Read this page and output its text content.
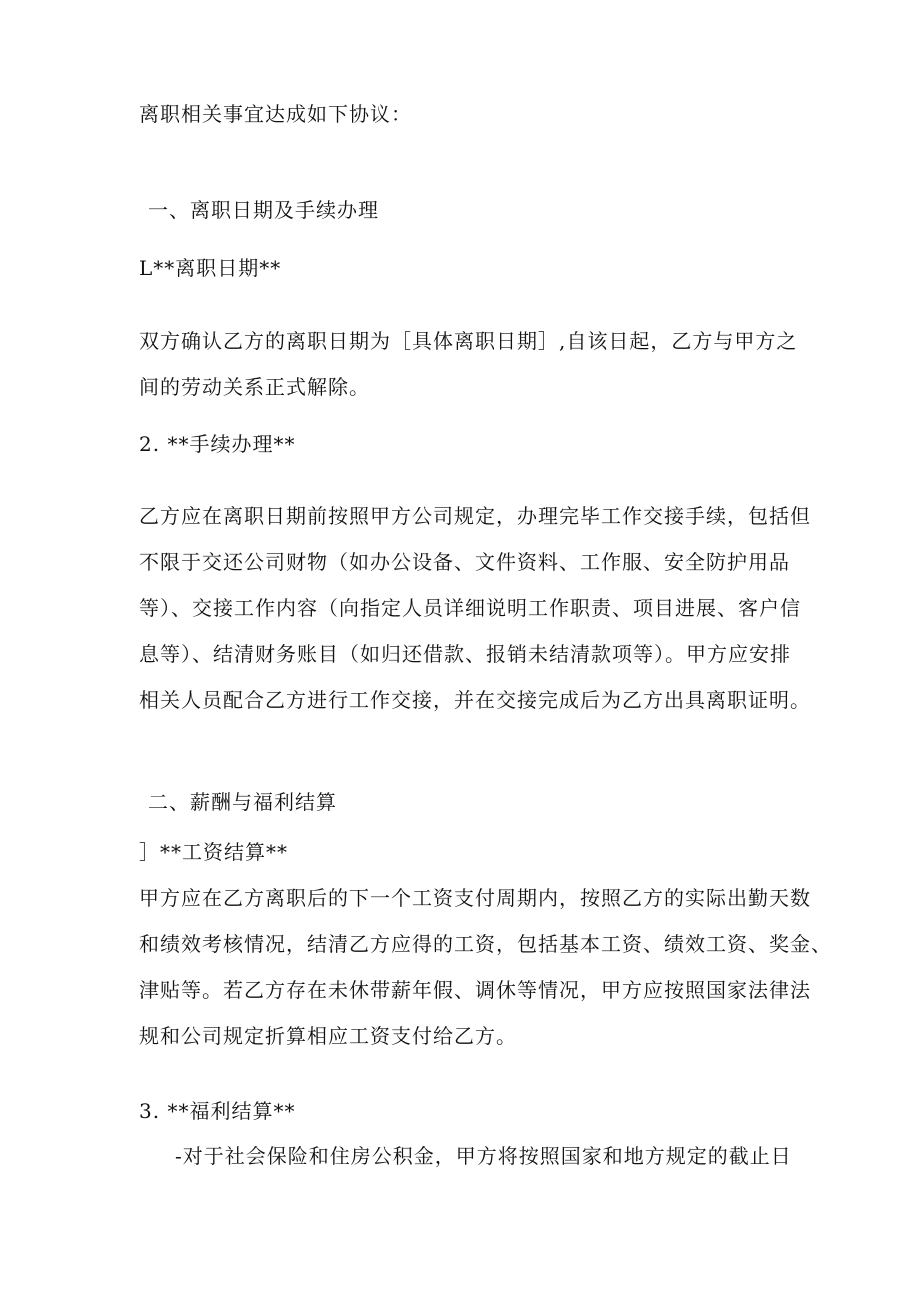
离职相关事宜达成如下协议：
一、离职日期及手续办理
L**离职日期**
双方确认乙方的离职日期为［具体离职日期］,自该日起，乙方与甲方之
间的劳动关系正式解除。
2. **手续办理**
乙方应在离职日期前按照甲方公司规定，办理完毕工作交接手续，包括但
不限于交还公司财物（如办公设备、文件资料、工作服、安全防护用品
等）、交接工作内容（向指定人员详细说明工作职责、项目进展、客户信
息等）、结清财务账目（如归还借款、报销未结清款项等）。甲方应安排
相关人员配合乙方进行工作交接，并在交接完成后为乙方出具离职证明。
二、薪酬与福利结算
］**工资结算**
甲方应在乙方离职后的下一个工资支付周期内，按照乙方的实际出勤天数
和绩效考核情况，结清乙方应得的工资，包括基本工资、绩效工资、奖金、
津贴等。若乙方存在未休带薪年假、调休等情况，甲方应按照国家法律法
规和公司规定折算相应工资支付给乙方。
3. **福利结算**
-对于社会保险和住房公积金，甲方将按照国家和地方规定的截止日
